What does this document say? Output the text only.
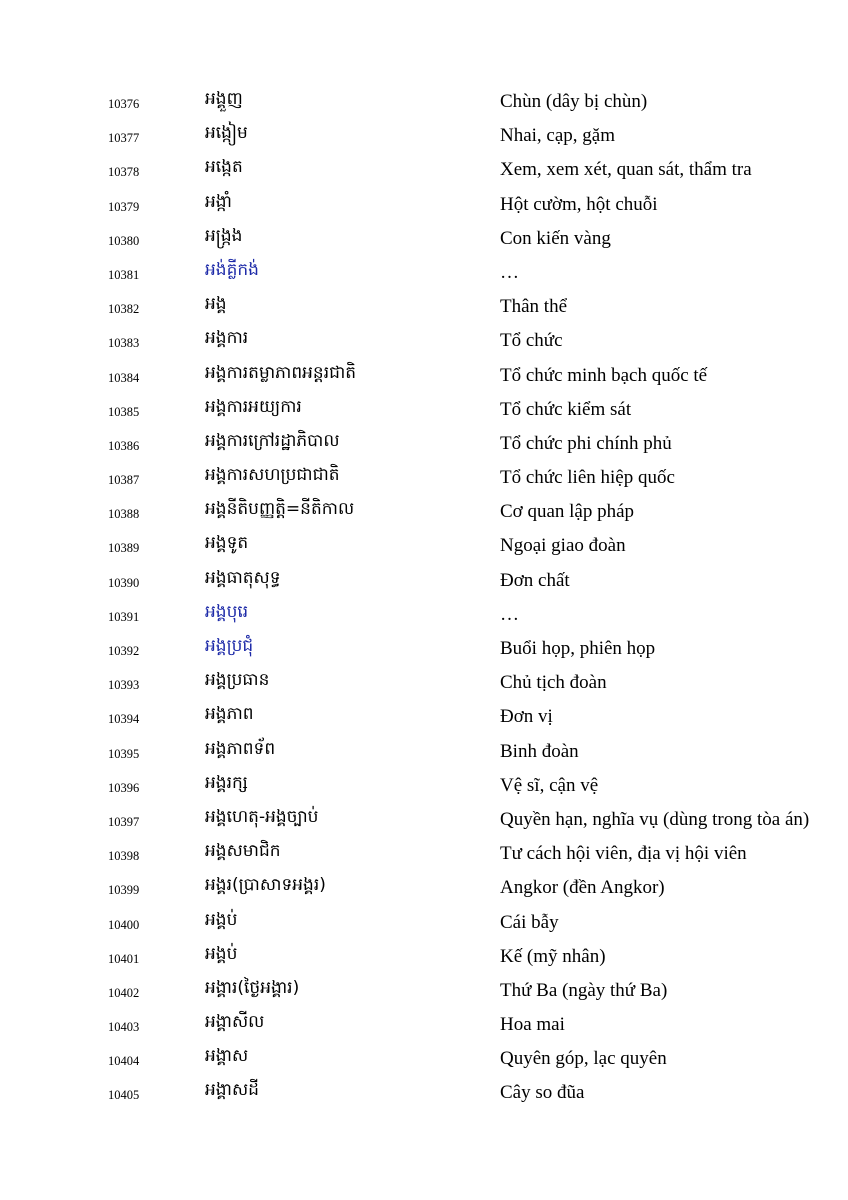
10376	អង្គួញ	Chùn (dây bị chùn)
10377	អង្កៀម	Nhai, cạp, gặm
10378	អង្កេត	Xem, xem xét, quan sát, thẩm tra
10379	អង្កាំ	Hột cườm, hột chuỗi
10380	អង្ក្រង	Con kiến vàng
10381	អង់គ្លីកង់	…
10382	អង្គ	Thân thể
10383	អង្គការ	Tổ chức
10384	អង្គការតម្លាភាពអន្តរជាតិ	Tổ chức minh bạch quốc tế
10385	អង្គការអយ្យការ	Tổ chức kiểm sát
10386	អង្គការក្រៅរដ្ឋាភិបាល	Tổ chức phi chính phủ
10387	អង្គការសហប្រជាជាតិ	Tổ chức liên hiệp quốc
10388	អង្គនីតិបញ្ញត្តិ=នីតិកាល	Cơ quan lập pháp
10389	អង្គទូត	Ngoại giao đoàn
10390	អង្គធាតុសុទ្ធ	Đơn chất
10391	អង្គបុរេ	…
10392	អង្គប្រជុំ	Buổi họp, phiên họp
10393	អង្គប្រធាន	Chủ tịch đoàn
10394	អង្គភាព	Đơn vị
10395	អង្គភាពទ័ព	Binh đoàn
10396	អង្គរក្ស	Vệ sĩ, cận vệ
10397	អង្គហេតុ-អង្គច្បាប់	Quyền hạn, nghĩa vụ (dùng trong tòa án)
10398	អង្គសមាជិក	Tư cách hội viên, địa vị hội viên
10399	អង្គរ(ប្រាសាទអង្គរ)	Angkor (đền Angkor)
10400	អង្គប់	Cái bẫy
10401	អង្គប់	Kế (mỹ nhân)
10402	អង្គារ(ថ្ងៃអង្គារ)	Thứ Ba (ngày thứ Ba)
10403	អង្គាសីល	Hoa mai
10404	អង្គាស	Quyên góp, lạc quyên
10405	អង្គាសដី	Cây so đũa
